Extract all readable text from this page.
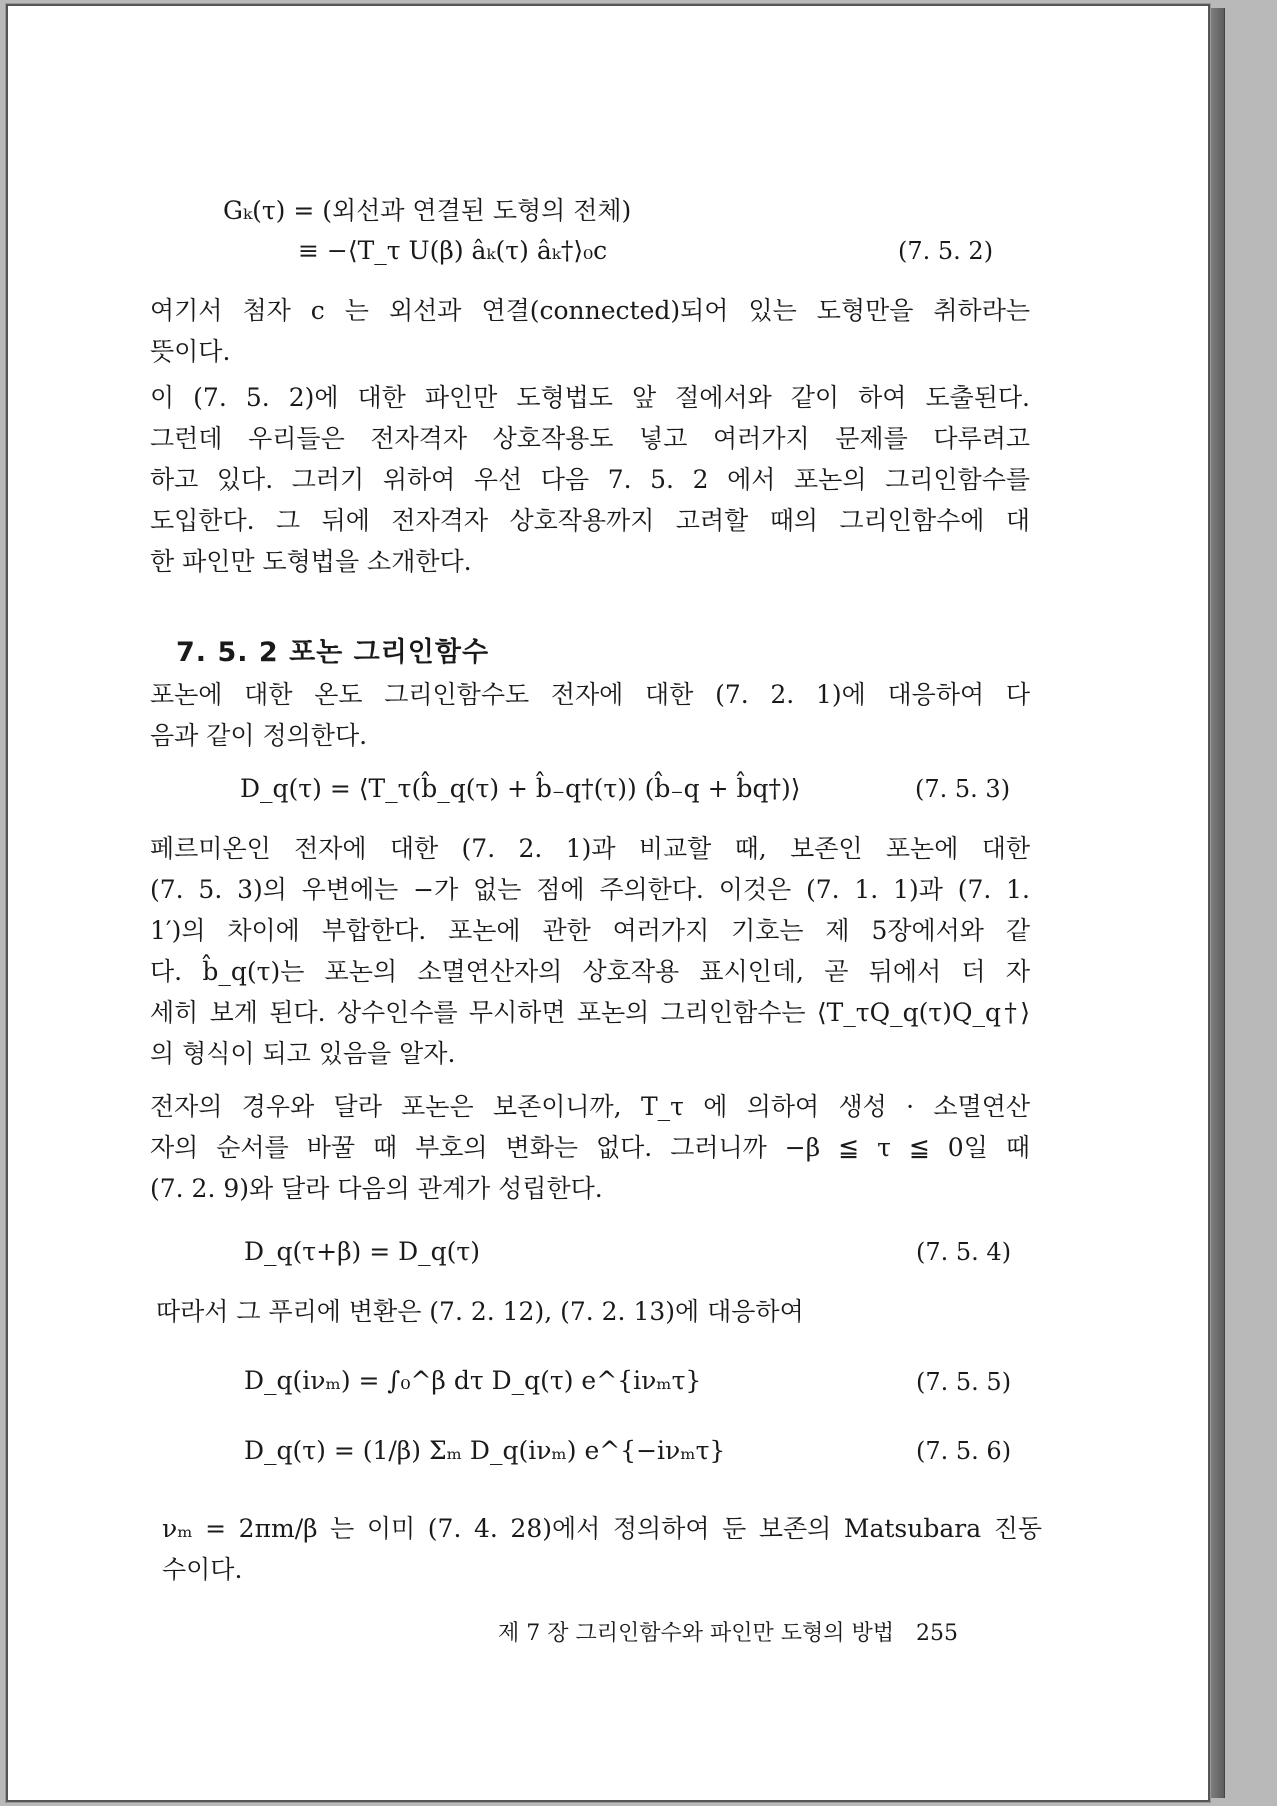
Gₖ(τ) = (외선과 연결된 도형의 전체)
≡ −⟨T_τ U(β) âₖ(τ) âₖ†⟩₀c	(7. 5. 2)
여기서 첨자 c 는 외선과 연결(connected)되어 있는 도형만을 취하라는
뜻이다.
이 (7. 5. 2)에 대한 파인만 도형법도 앞 절에서와 같이 하여 도출된다.
그런데 우리들은 전자격자 상호작용도 넣고 여러가지 문제를 다루려고
하고 있다. 그러기 위하여 우선 다음 7. 5. 2 에서 포논의 그리인함수를
도입한다. 그 뒤에 전자격자 상호작용까지 고려할 때의 그리인함수에 대
한 파인만 도형법을 소개한다.
7. 5. 2 포논 그리인함수
포논에 대한 온도 그리인함수도 전자에 대한 (7. 2. 1)에 대응하여 다
음과 같이 정의한다.
D_q(τ) = ⟨T_τ(b̂_q(τ) + b̂₋q†(τ)) (b̂₋q + b̂q†)⟩	(7. 5. 3)
페르미온인 전자에 대한 (7. 2. 1)과 비교할 때, 보존인 포논에 대한
(7. 5. 3)의 우변에는 −가 없는 점에 주의한다. 이것은 (7. 1. 1)과 (7. 1.
1′)의 차이에 부합한다. 포논에 관한 여러가지 기호는 제 5장에서와 같
다. b̂_q(τ)는 포논의 소멸연산자의 상호작용 표시인데, 곧 뒤에서 더 자
세히 보게 된다. 상수인수를 무시하면 포논의 그리인함수는 ⟨T_τQ_q(τ)Q_q†⟩
의 형식이 되고 있음을 알자.
전자의 경우와 달라 포논은 보존이니까, T_τ 에 의하여 생성 · 소멸연산
자의 순서를 바꿀 때 부호의 변화는 없다. 그러니까 −β ≦ τ ≦ 0일 때
(7. 2. 9)와 달라 다음의 관계가 성립한다.
D_q(τ+β) = D_q(τ)	(7. 5. 4)
따라서 그 푸리에 변환은 (7. 2. 12), (7. 2. 13)에 대응하여
D_q(iνₘ) = ∫₀^β dτ D_q(τ) e^{iνₘτ}	(7. 5. 5)
D_q(τ) = (1/β) Σₘ D_q(iνₘ) e^{−iνₘτ}	(7. 5. 6)
νₘ = 2πm/β 는 이미 (7. 4. 28)에서 정의하여 둔 보존의 Matsubara 진동
수이다.
제 7 장 그리인함수와 파인만 도형의 방법 255
